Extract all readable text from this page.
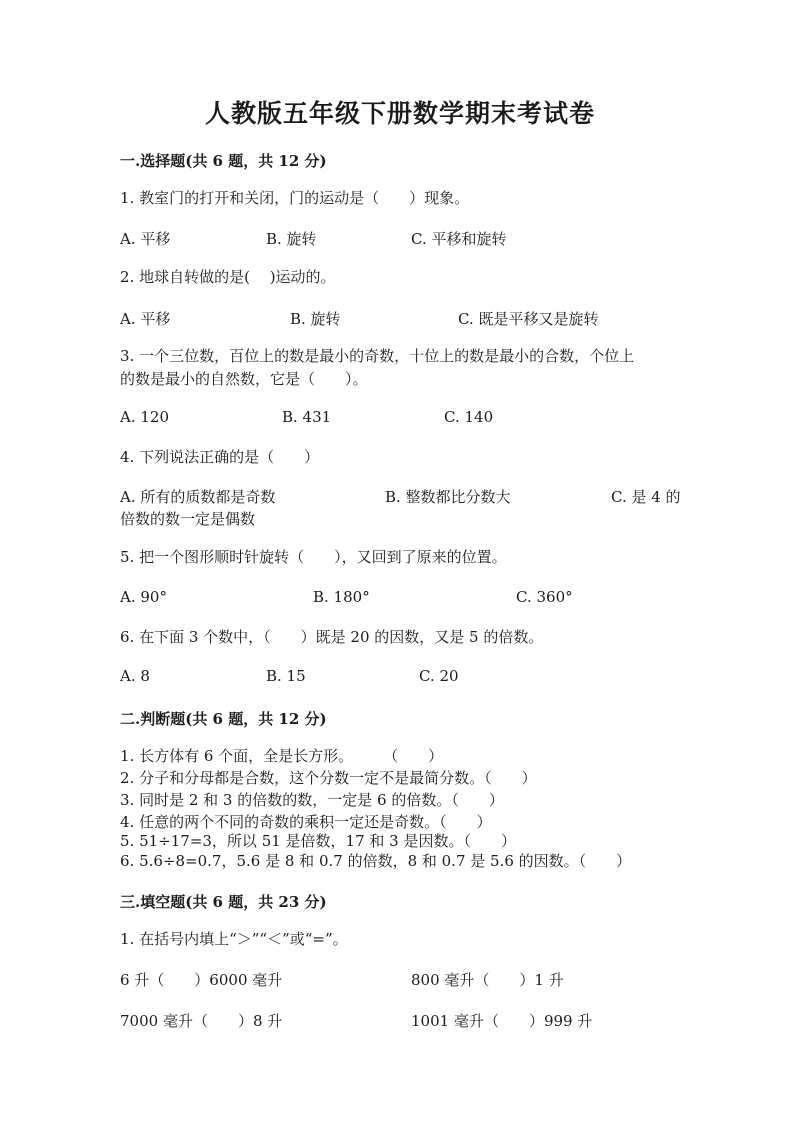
人教版五年级下册数学期末考试卷
一.选择题(共 6 题，共 12 分)
1. 教室门的打开和关闭，门的运动是（　　）现象。
A. 平移	B. 旋转	C. 平移和旋转
2. 地球自转做的是(　 )运动的。
A. 平移	B. 旋转	C. 既是平移又是旋转
3. 一个三位数，百位上的数是最小的奇数，十位上的数是最小的合数，个位上
的数是最小的自然数，它是（　　）。
A. 120	B. 431	C. 140
4. 下列说法正确的是（　　）
A. 所有的质数都是奇数	B. 整数都比分数大	C. 是 4 的
倍数的数一定是偶数
5. 把一个图形顺时针旋转（　　），又回到了原来的位置。
A. 90°	B. 180°	C. 360°
6. 在下面 3 个数中，（　　）既是 20 的因数，又是 5 的倍数。
A. 8	B. 15	C. 20
二.判断题(共 6 题，共 12 分)
1. 长方体有 6 个面，全是长方形。　　　（　　）
2. 分子和分母都是合数，这个分数一定不是最简分数。（　　）
3. 同时是 2 和 3 的倍数的数，一定是 6 的倍数。（　　）
4. 任意的两个不同的奇数的乘积一定还是奇数。（　　）
5. 51÷17=3，所以 51 是倍数，17 和 3 是因数。（　　）
6. 5.6÷8=0.7，5.6 是 8 和 0.7 的倍数，8 和 0.7 是 5.6 的因数。（　　）
三.填空题(共 6 题，共 23 分)
1. 在括号内填上“＞”“＜”或“=”。
6 升（　　）6000 毫升	800 毫升（　　）1 升
7000 毫升（　　）8 升	1001 毫升（　　）999 升
